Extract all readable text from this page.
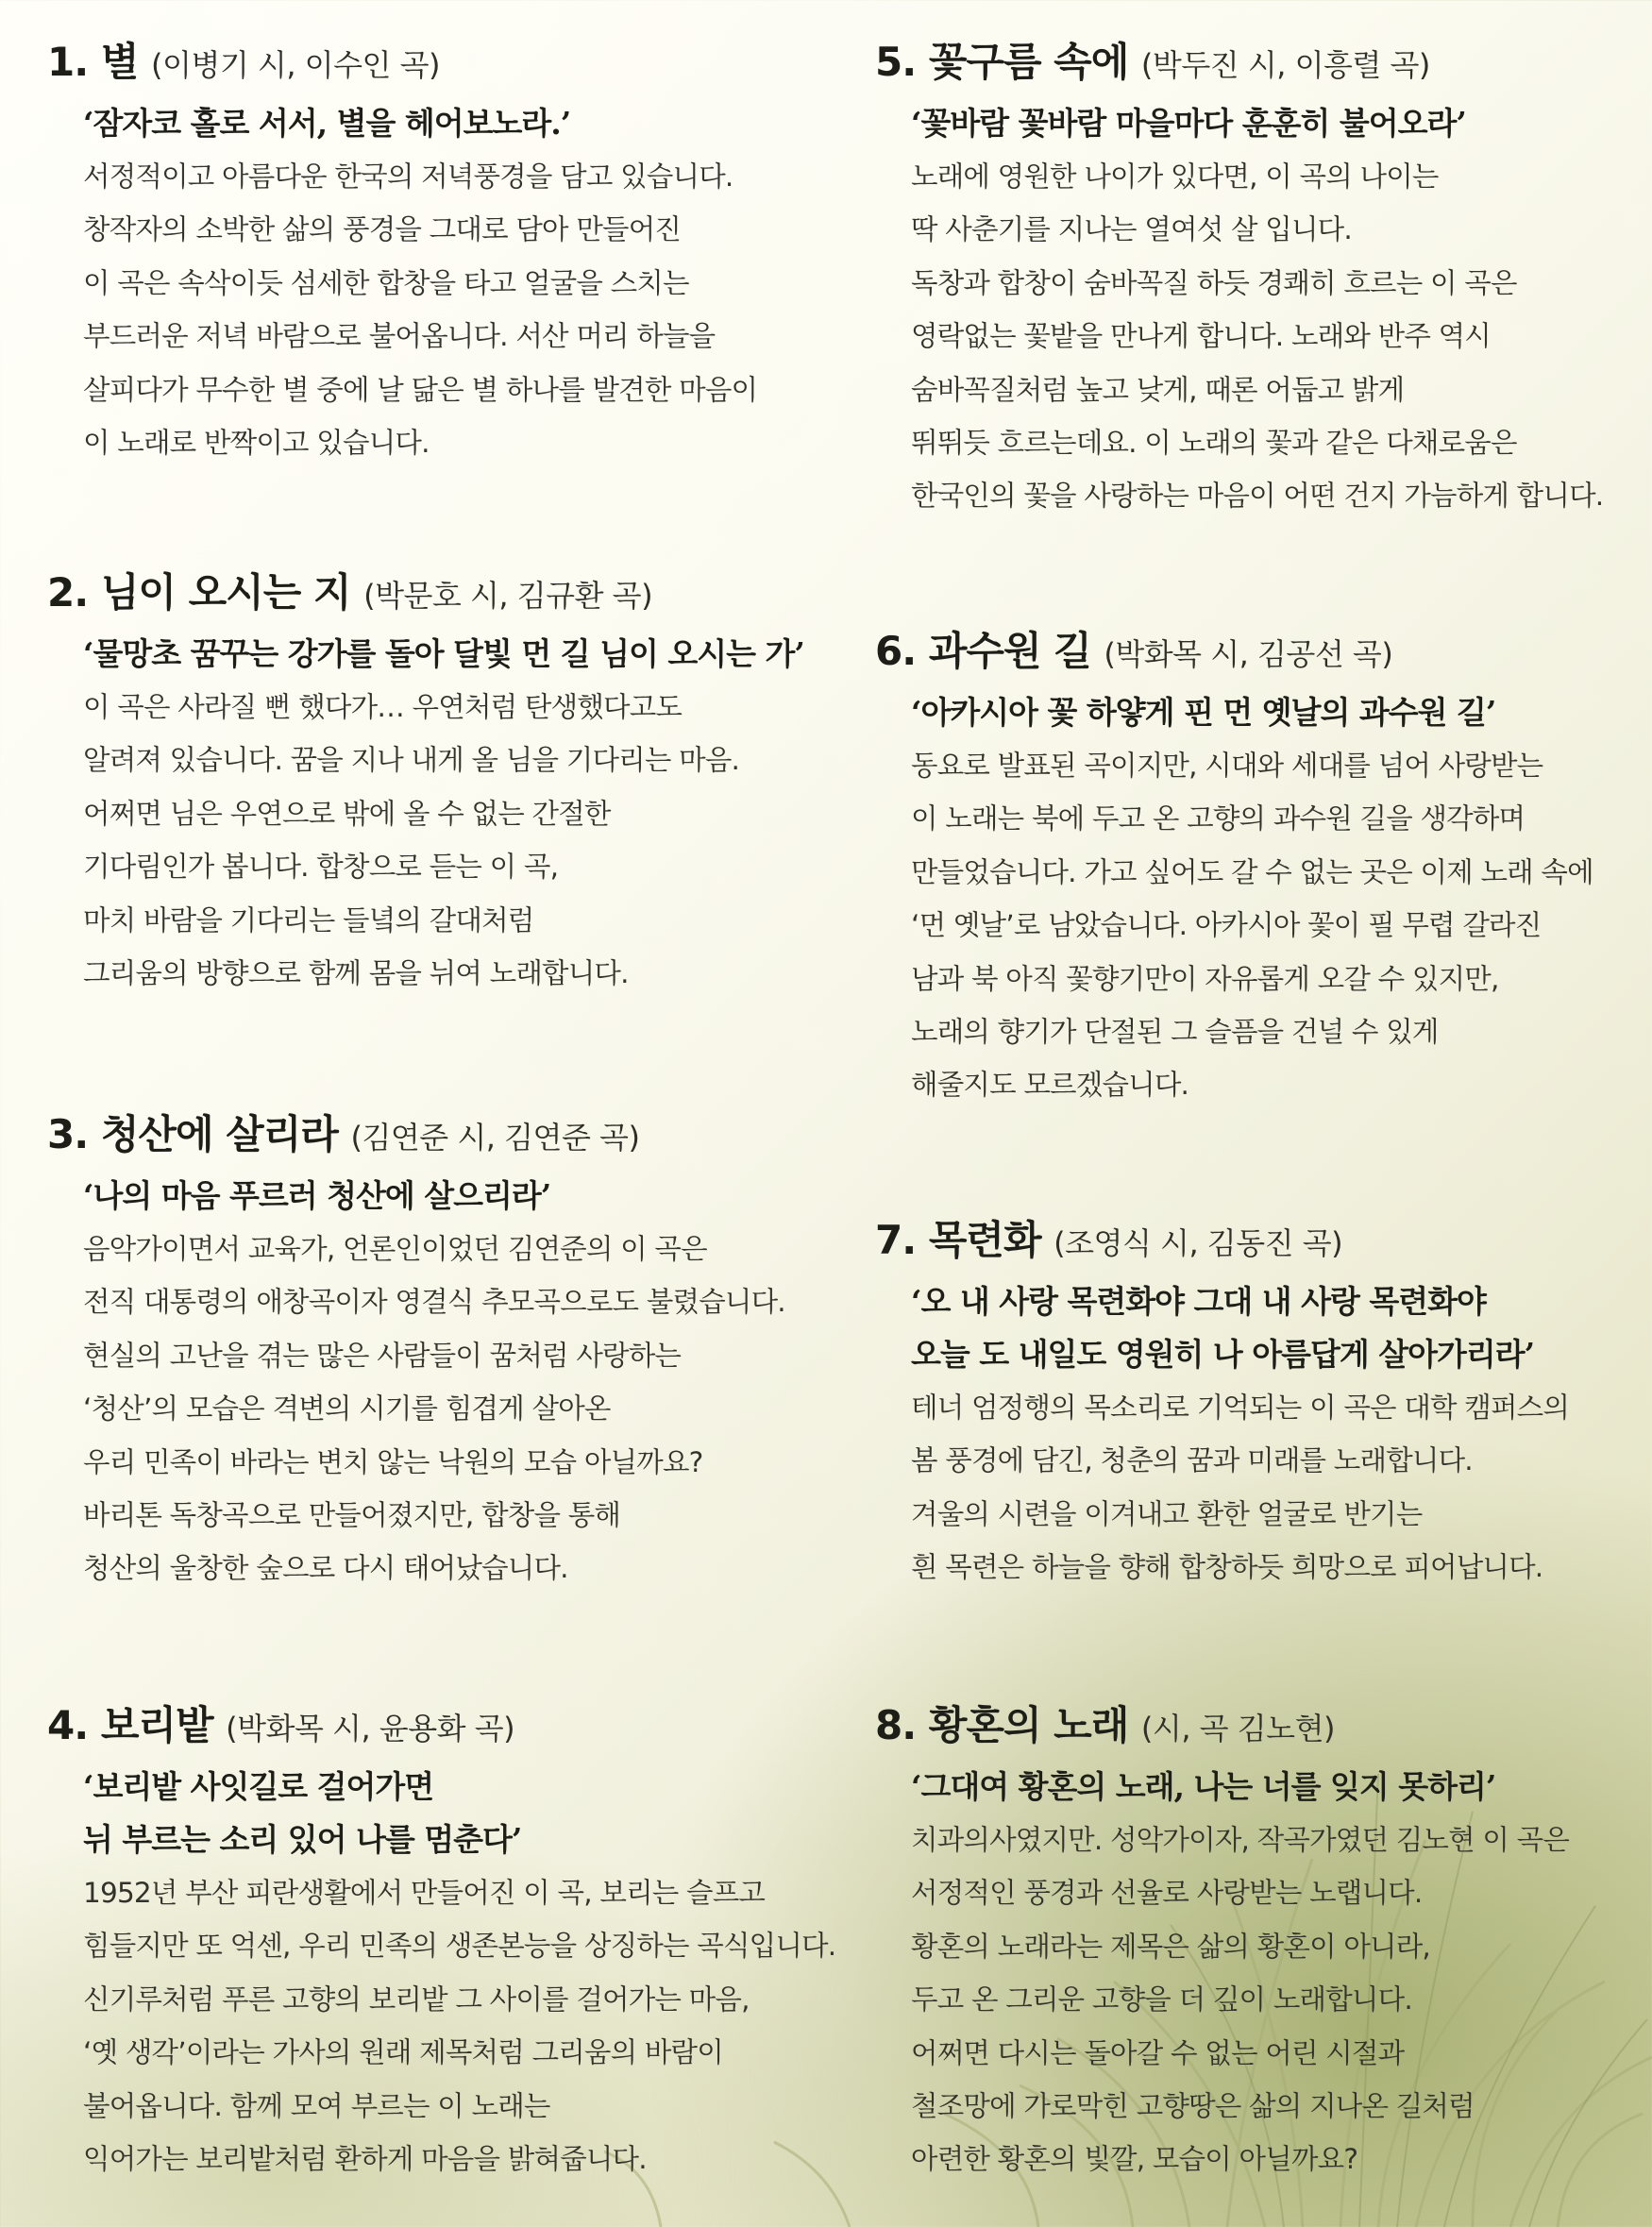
1. 별 (이병기 시, 이수인 곡)

‘잠자코 홀로 서서, 별을 헤어보노라.’

서정적이고 아름다운 한국의 저녁풍경을 담고 있습니다.

창작자의 소박한 삶의 풍경을 그대로 담아 만들어진

이 곡은 속삭이듯 섬세한 합창을 타고 얼굴을 스치는

부드러운 저녁 바람으로 불어옵니다. 서산 머리 하늘을

살피다가 무수한 별 중에 날 닮은 별 하나를 발견한 마음이

이 노래로 반짝이고 있습니다.

2. 님이 오시는 지 (박문호 시, 김규환 곡)

‘물망초 꿈꾸는 강가를 돌아 달빛 먼 길 님이 오시는 가’

이 곡은 사라질 뻔 했다가… 우연처럼 탄생했다고도

알려져 있습니다. 꿈을 지나 내게 올 님을 기다리는 마음.

어쩌면 님은 우연으로 밖에 올 수 없는 간절한

기다림인가 봅니다. 합창으로 듣는 이 곡,

마치 바람을 기다리는 들녘의 갈대처럼

그리움의 방향으로 함께 몸을 뉘여 노래합니다.

3. 청산에 살리라 (김연준 시, 김연준 곡)

‘나의 마음 푸르러 청산에 살으리라’

음악가이면서 교육가, 언론인이었던 김연준의 이 곡은

전직 대통령의 애창곡이자 영결식 추모곡으로도 불렸습니다.

현실의 고난을 겪는 많은 사람들이 꿈처럼 사랑하는

‘청산’의 모습은 격변의 시기를 힘겹게 살아온

우리 민족이 바라는 변치 않는 낙원의 모습 아닐까요?

바리톤 독창곡으로 만들어졌지만, 합창을 통해

청산의 울창한 숲으로 다시 태어났습니다.

4. 보리밭 (박화목 시, 윤용화 곡)

‘보리밭 사잇길로 걸어가면

뉘 부르는 소리 있어 나를 멈춘다’

1952년 부산 피란생활에서 만들어진 이 곡, 보리는 슬프고

힘들지만 또 억센, 우리 민족의 생존본능을 상징하는 곡식입니다.

신기루처럼 푸른 고향의 보리밭 그 사이를 걸어가는 마음,

‘옛 생각’이라는 가사의 원래 제목처럼 그리움의 바람이

불어옵니다. 함께 모여 부르는 이 노래는

익어가는 보리밭처럼 환하게 마음을 밝혀줍니다.

5. 꽃구름 속에 (박두진 시, 이흥렬 곡)

‘꽃바람 꽃바람 마을마다 훈훈히 불어오라’

노래에 영원한 나이가 있다면, 이 곡의 나이는

딱 사춘기를 지나는 열여섯 살 입니다.

독창과 합창이 숨바꼭질 하듯 경쾌히 흐르는 이 곡은

영락없는 꽃밭을 만나게 합니다. 노래와 반주 역시

숨바꼭질처럼 높고 낮게, 때론 어둡고 밝게

뛰뛰듯 흐르는데요. 이 노래의 꽃과 같은 다채로움은

한국인의 꽃을 사랑하는 마음이 어떤 건지 가늠하게 합니다.

6. 과수원 길 (박화목 시, 김공선 곡)

‘아카시아 꽃 하얗게 핀 먼 옛날의 과수원 길’

동요로 발표된 곡이지만, 시대와 세대를 넘어 사랑받는

이 노래는 북에 두고 온 고향의 과수원 길을 생각하며

만들었습니다. 가고 싶어도 갈 수 없는 곳은 이제 노래 속에

‘먼 옛날’로 남았습니다. 아카시아 꽃이 필 무렵 갈라진

남과 북 아직 꽃향기만이 자유롭게 오갈 수 있지만,

노래의 향기가 단절된 그 슬픔을 건널 수 있게

해줄지도 모르겠습니다.

7. 목련화 (조영식 시, 김동진 곡)

‘오 내 사랑 목련화야 그대 내 사랑 목련화야

오늘 도 내일도 영원히 나 아름답게 살아가리라’

테너 엄정행의 목소리로 기억되는 이 곡은 대학 캠퍼스의

봄 풍경에 담긴, 청춘의 꿈과 미래를 노래합니다.

겨울의 시련을 이겨내고 환한 얼굴로 반기는

흰 목련은 하늘을 향해 합창하듯 희망으로 피어납니다.

8. 황혼의 노래 (시, 곡 김노현)

‘그대여 황혼의 노래, 나는 너를 잊지 못하리’

치과의사였지만. 성악가이자, 작곡가였던 김노현 이 곡은

서정적인 풍경과 선율로 사랑받는 노랩니다.

황혼의 노래라는 제목은 삶의 황혼이 아니라,

두고 온 그리운 고향을 더 깊이 노래합니다.

어쩌면 다시는 돌아갈 수 없는 어린 시절과

철조망에 가로막힌 고향땅은 삶의 지나온 길처럼

아련한 황혼의 빛깔, 모습이 아닐까요?
